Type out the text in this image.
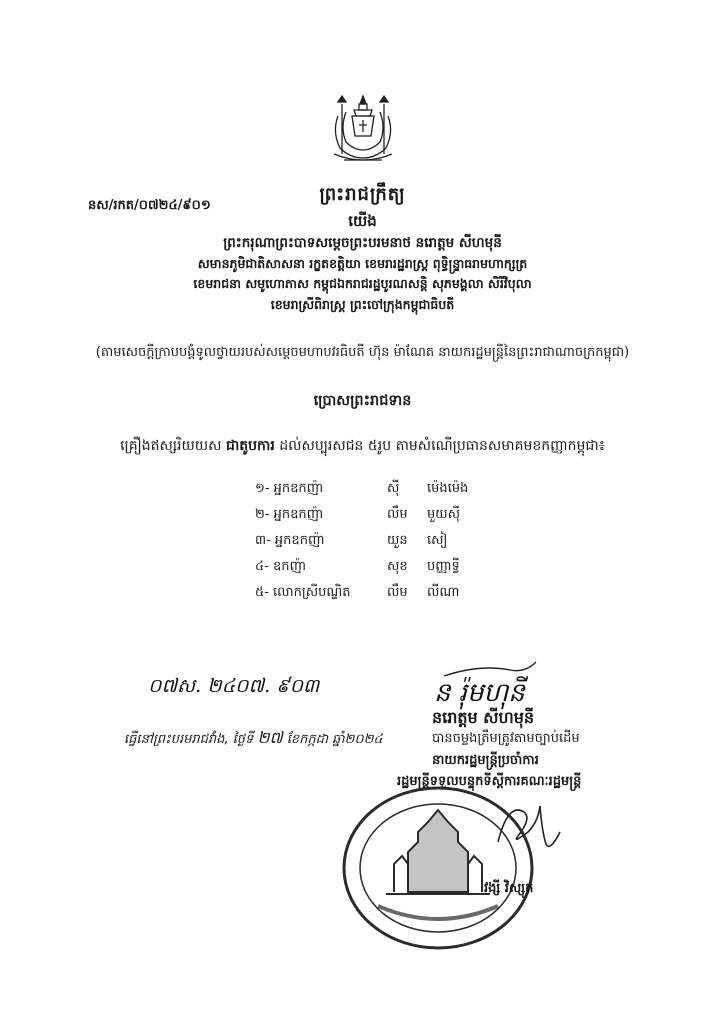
នស/រកត/០៧២៤/៩០១
ព្រះរាជក្រឹត្យ
យើង
ព្រះករុណាព្រះបាទសម្តេចព្រះបរមនាថ នរោត្តម សីហមុនី
សមានភូមិជាតិសាសនា រក្ខតខត្តិយា ខេមរារដ្ឋរាស្ត្រ ពុទ្ធិន្ទ្រាធរាមហាក្សត្រ
ខេមរាជនា សមូហោភាស កម្ពុជឯករាជរដ្ឋបូរណសន្តិ សុភមង្គលា សិរីវិបុលា
ខេមរាស្រីពិរាស្ត្រ ព្រះចៅក្រុងកម្ពុជាធិបតី
(តាមសេចក្តីក្រាបបង្គំទូលថ្វាយរបស់សម្តេចមហាបវរធិបតី ហ៊ុន ម៉ាណែត នាយករដ្ឋមន្ត្រីនៃព្រះរាជាណាចក្រកម្ពុជា)
ប្រោសព្រះរាជទាន
គ្រឿងឥស្សរិយយស ជាតូបការ ដល់សប្បុរសជន ៥រូប តាមសំណើប្រធានសមាគមខកញ្ញាកម្ពុជា៖
១- អ្នកឧកញ៉ា	ស៊ី	ម៉េងម៉េង
២- អ្នកឧកញ៉ា	លឹម	មួយស៊ី
៣- អ្នកឧកញ៉ា	យួន	សៀ
៤- ឧកញ៉ា	សុខ	បញ្ញាទ្វី
៥- លោកស្រីបណ្ឌិត	លឹម	លីណា
ន រ៉ុមហុនី
០៧ស. ២៤០៧. ៩០៣
ធ្វើនៅព្រះបរមរាជវាំង, ថ្ងៃទី ២៧ ខែកក្កដា ឆ្នាំ២០២៤
នរោត្តម សីហមុនី
បានចម្លងត្រឹមត្រូវតាមច្បាប់ដើម
នាយករដ្ឋមន្ត្រីប្រចាំការ
រដ្ឋមន្ត្រីទទួលបន្ទុកទីស្តីការគណៈរដ្ឋមន្ត្រី
វង្សី វិស្សុត
